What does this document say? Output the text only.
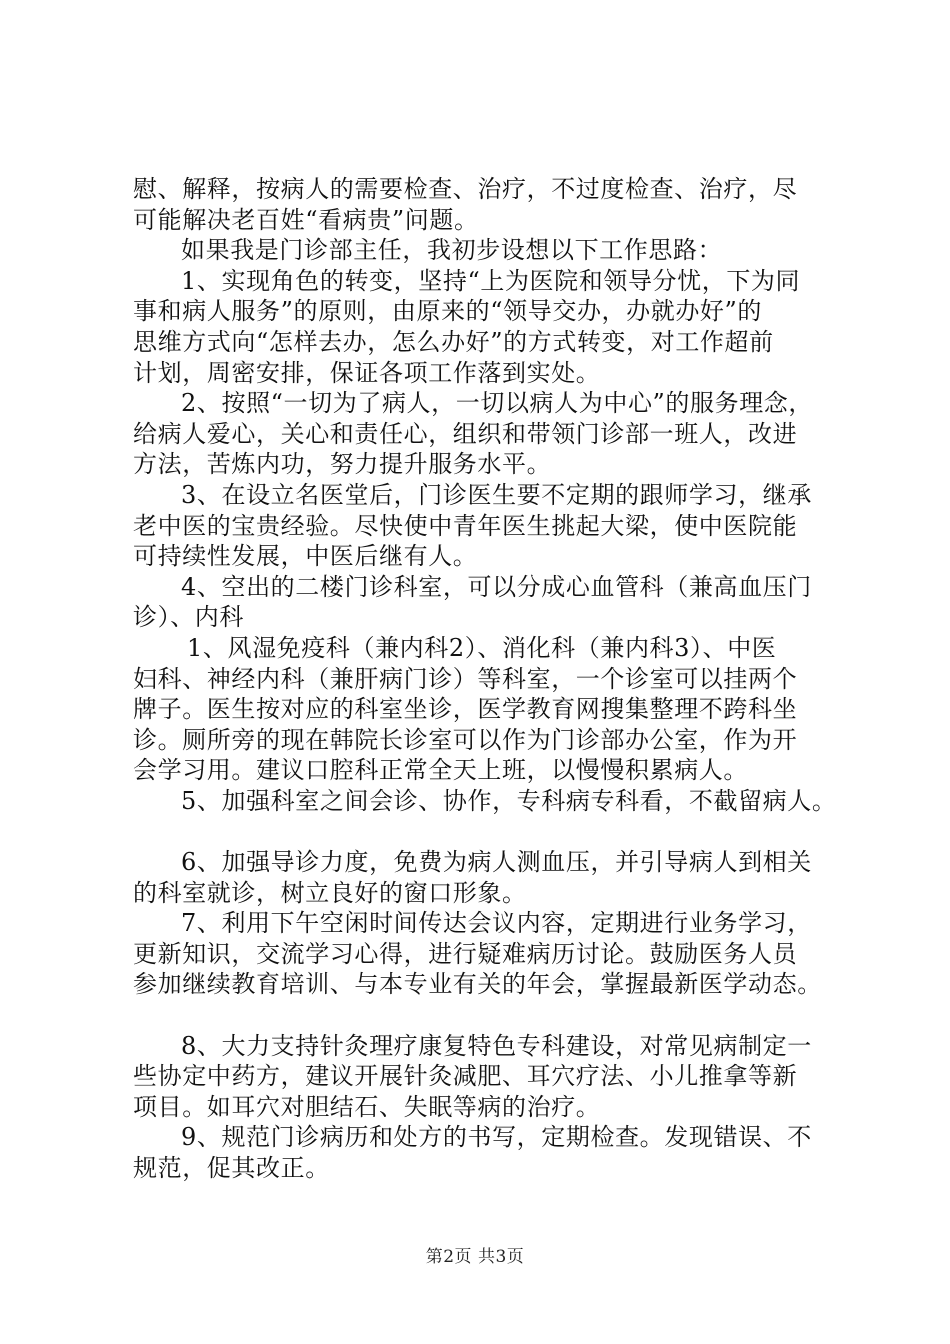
慰、解释，按病人的需要检查、治疗，不过度检查、治疗，尽
可能解决老百姓“看病贵”问题。
如果我是门诊部主任，我初步设想以下工作思路：
1、实现角色的转变，坚持“上为医院和领导分忧，下为同
事和病人服务”的原则，由原来的“领导交办，办就办好”的
思维方式向“怎样去办，怎么办好”的方式转变，对工作超前
计划，周密安排，保证各项工作落到实处。
2、按照“一切为了病人，一切以病人为中心”的服务理念，
给病人爱心，关心和责任心，组织和带领门诊部一班人，改进
方法，苦炼内功，努力提升服务水平。
3、在设立名医堂后，门诊医生要不定期的跟师学习，继承
老中医的宝贵经验。尽快使中青年医生挑起大梁，使中医院能
可持续性发展，中医后继有人。
4、空出的二楼门诊科室，可以分成心血管科（兼高血压门
诊）、内科
1、风湿免疫科（兼内科2）、消化科（兼内科3）、中医
妇科、神经内科（兼肝病门诊）等科室，一个诊室可以挂两个
牌子。医生按对应的科室坐诊，医学教育网搜集整理不跨科坐
诊。厕所旁的现在韩院长诊室可以作为门诊部办公室，作为开
会学习用。建议口腔科正常全天上班，以慢慢积累病人。
5、加强科室之间会诊、协作，专科病专科看，不截留病人。
6、加强导诊力度，免费为病人测血压，并引导病人到相关
的科室就诊，树立良好的窗口形象。
7、利用下午空闲时间传达会议内容，定期进行业务学习，
更新知识，交流学习心得，进行疑难病历讨论。鼓励医务人员
参加继续教育培训、与本专业有关的年会，掌握最新医学动态。
8、大力支持针灸理疗康复特色专科建设，对常见病制定一
些协定中药方，建议开展针灸减肥、耳穴疗法、小儿推拿等新
项目。如耳穴对胆结石、失眠等病的治疗。
9、规范门诊病历和处方的书写，定期检查。发现错误、不
规范，促其改正。
第2页 共3页
